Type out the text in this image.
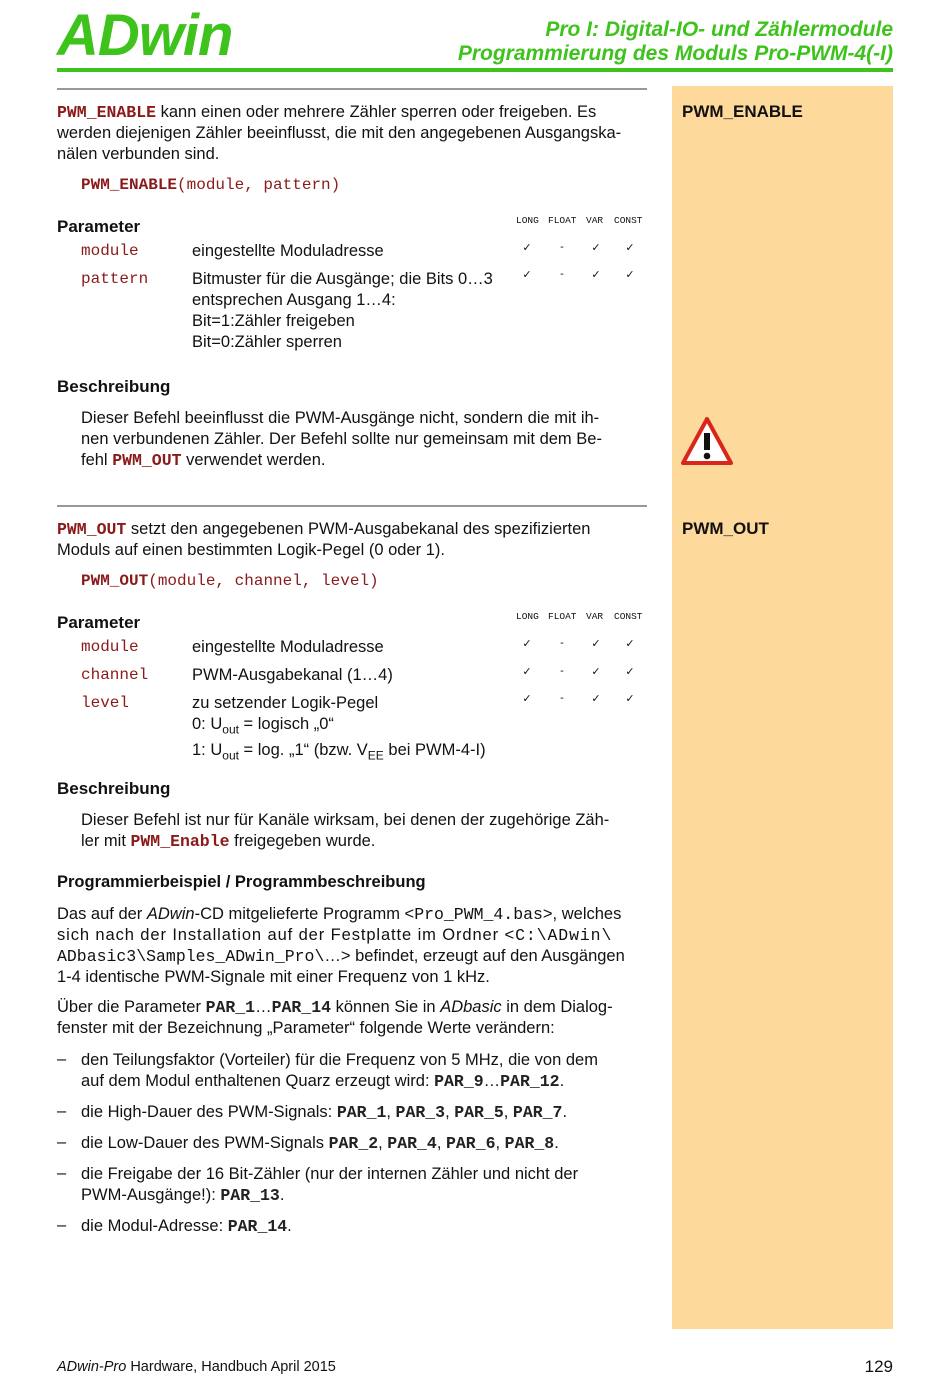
ADwin	Pro I: Digital-IO- und Zählermodule
Programmierung des Moduls Pro-PWM-4(-I)
PWM_ENABLE
PWM_OUT
PWM_ENABLE kann einen oder mehrere Zähler sperren oder freigeben. Es
werden diejenigen Zähler beeinflusst, die mit den angegebenen Ausgangska-
nälen verbunden sind.
PWM_ENABLE(module, pattern)
Parameter	LONG FLOAT VAR CONST
module	eingestellte Moduladresse	✓	-	✓ ✓
pattern	Bitmuster für die Ausgänge; die Bits 0…3
entsprechen Ausgang 1…4:
Bit=1:Zähler freigeben
Bit=0:Zähler sperren
✓	-	✓ ✓
Beschreibung
Dieser Befehl beeinflusst die PWM-Ausgänge nicht, sondern die mit ih-
nen verbundenen Zähler. Der Befehl sollte nur gemeinsam mit dem Be-
fehl PWM_OUT verwendet werden.
PWM_OUT setzt den angegebenen PWM-Ausgabekanal des spezifizierten
Moduls auf einen bestimmten Logik-Pegel (0 oder 1).
PWM_OUT(module, channel, level)
Parameter	LONG FLOAT VAR CONST
module	eingestellte Moduladresse	✓	-	✓ ✓
channel	PWM-Ausgabekanal (1…4)	✓	-	✓ ✓
level	zu setzender Logik-Pegel
0: $U_{out}$ = logisch „0“
1: $U_{out} = \log$. „1“ (bzw. $V_{EE}$ bei PWM-4-I)
✓	-	✓ ✓
Beschreibung
Dieser Befehl ist nur für Kanäle wirksam, bei denen der zugehörige Zäh-
ler mit PWM_Enable freigegeben wurde.
Programmierbeispiel / Programmbeschreibung
Das auf der ADwin-CD mitgelieferte Programm <Pro_PWM_4.bas>, welches
sich nach der Installation auf der Festplatte im Ordner <C:\ADwin\
ADbasic3\Samples_ADwin_Pro\…> befindet, erzeugt auf den Ausgängen
1-4 identische PWM-Signale mit einer Frequenz von 1 kHz.
Über die Parameter PAR_1…PAR_14 können Sie in ADbasic in dem Dialog-
fenster mit der Bezeichnung „Parameter“ folgende Werte verändern:
– den Teilungsfaktor (Vorteiler) für die Frequenz von 5 MHz, die von dem
auf dem Modul enthaltenen Quarz erzeugt wird: PAR_9…PAR_12.
– die High-Dauer des PWM-Signals: PAR_1, PAR_3, PAR_5, PAR_7.
– die Low-Dauer des PWM-Signals PAR_2, PAR_4, PAR_6, PAR_8.
– die Freigabe der 16 Bit-Zähler (nur der internen Zähler und nicht der
PWM-Ausgänge!): PAR_13.
– die Modul-Adresse: PAR_14.
ADwin-Pro Hardware, Handbuch April 2015	129
